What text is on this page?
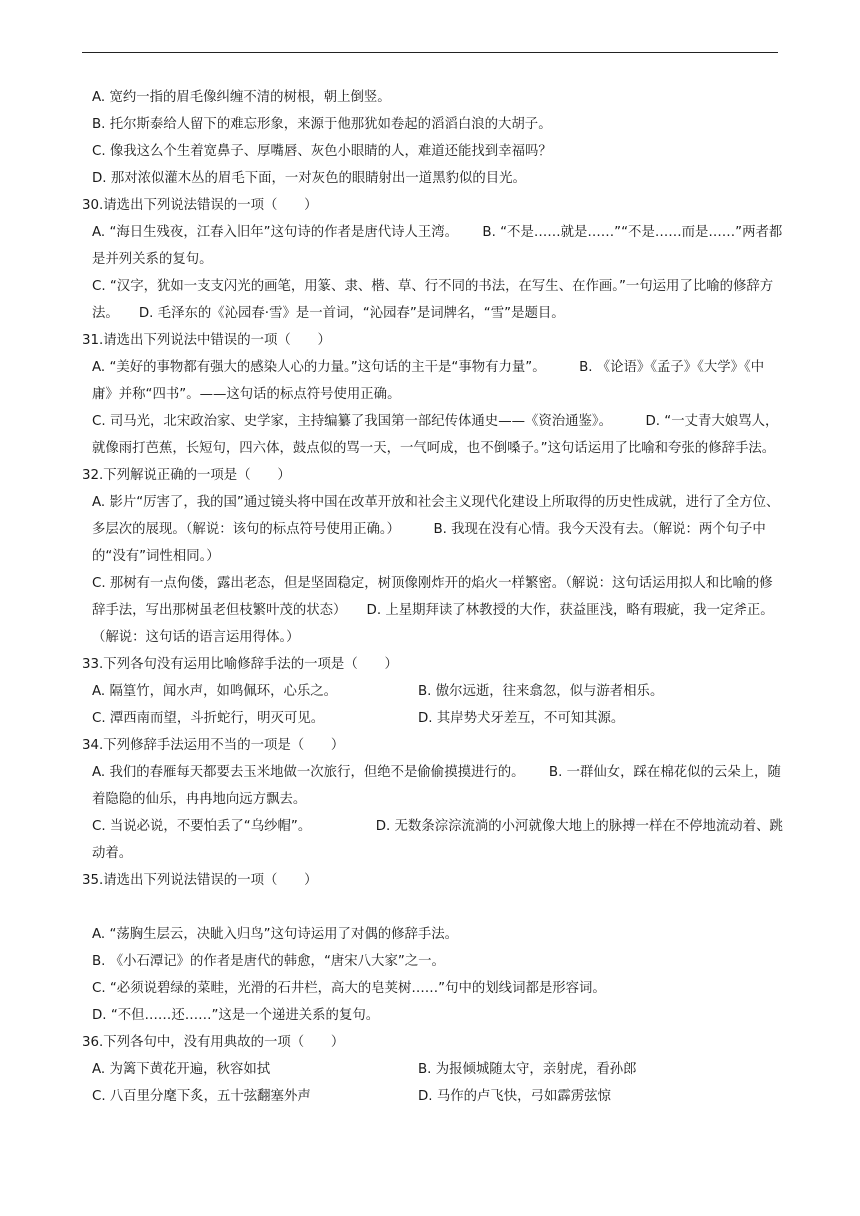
A. 宽约一指的眉毛像纠缠不清的树根，朝上倒竖。
B. 托尔斯泰给人留下的难忘形象，来源于他那犹如卷起的滔滔白浪的大胡子。
C. 像我这么个生着宽鼻子、厚嘴唇、灰色小眼睛的人，难道还能找到幸福吗？
D. 那对浓似灌木丛的眉毛下面，一对灰色的眼睛射出一道黑豹似的目光。
30.请选出下列说法错误的一项（　　）
A. “海日生残夜，江春入旧年”这句诗的作者是唐代诗人王湾。　　 B. “不是……就是……”“不是……而是……”两者都是并列关系的复句。
C. “汉字，犹如一支支闪光的画笔，用篆、隶、楷、草、行不同的书法，在写生、在作画。”一句运用了比喻的修辞方法。　　D. 毛泽东的《沁园春·雪》是一首词，“沁园春”是词牌名，“雪”是题目。
31.请选出下列说法中错误的一项（　　）
A. “美好的事物都有强大的感染人心的力量。”这句话的主干是“事物有力量”。　　　B. 《论语》《孟子》《大学》《中庸》并称“四书”。——这句话的标点符号使用正确。
C. 司马光，北宋政治家、史学家，主持编纂了我国第一部纪传体通史——《资治通鉴》。　　　D. “一丈青大娘骂人，就像雨打芭蕉，长短句，四六体，鼓点似的骂一天，一气呵成，也不倒嗓子。”这句话运用了比喻和夸张的修辞手法。
32.下列解说正确的一项是（　　）
A. 影片“厉害了，我的国”通过镜头将中国在改革开放和社会主义现代化建设上所取得的历史性成就，进行了全方位、多层次的展现。（解说：该句的标点符号使用正确。）　　　B. 我现在没有心情。我今天没有去。（解说：两个句子中的“没有”词性相同。）
C. 那树有一点佝偻，露出老态，但是坚固稳定，树顶像刚炸开的焰火一样繁密。（解说：这句话运用拟人和比喻的修辞手法，写出那树虽老但枝繁叶茂的状态）　　D. 上星期拜读了林教授的大作，获益匪浅，略有瑕疵，我一定斧正。（解说：这句话的语言运用得体。）
33.下列各句没有运用比喻修辞手法的一项是（　　）
A. 隔篁竹，闻水声，如鸣佩环，心乐之。	B. 傲尔远逝，往来翕忽，似与游者相乐。
C. 潭西南而望，斗折蛇行，明灭可见。	D. 其岸势犬牙差互，不可知其源。
34.下列修辞手法运用不当的一项是（　　）
A. 我们的春雁每天都要去玉米地做一次旅行，但绝不是偷偷摸摸进行的。　　 B. 一群仙女，踩在棉花似的云朵上，随着隐隐的仙乐，冉冉地向远方飘去。
C. 当说必说，不要怕丢了“乌纱帽”。　　　　　 D. 无数条淙淙流淌的小河就像大地上的脉搏一样在不停地流动着、跳动着。
35.请选出下列说法错误的一项（　　）
A. “荡胸生层云，决眦入归鸟”这句诗运用了对偶的修辞手法。
B. 《小石潭记》的作者是唐代的韩愈，“唐宋八大家”之一。
C. “必须说碧绿的菜畦，光滑的石井栏，高大的皂荚树……”句中的划线词都是形容词。
D. “不但……还……”这是一个递进关系的复句。
36.下列各句中，没有用典故的一项（　　）
A. 为篱下黄花开遍，秋容如拭	B. 为报倾城随太守，亲射虎，看孙郎
C. 八百里分麾下炙，五十弦翻塞外声	D. 马作的卢飞快，弓如霹雳弦惊
